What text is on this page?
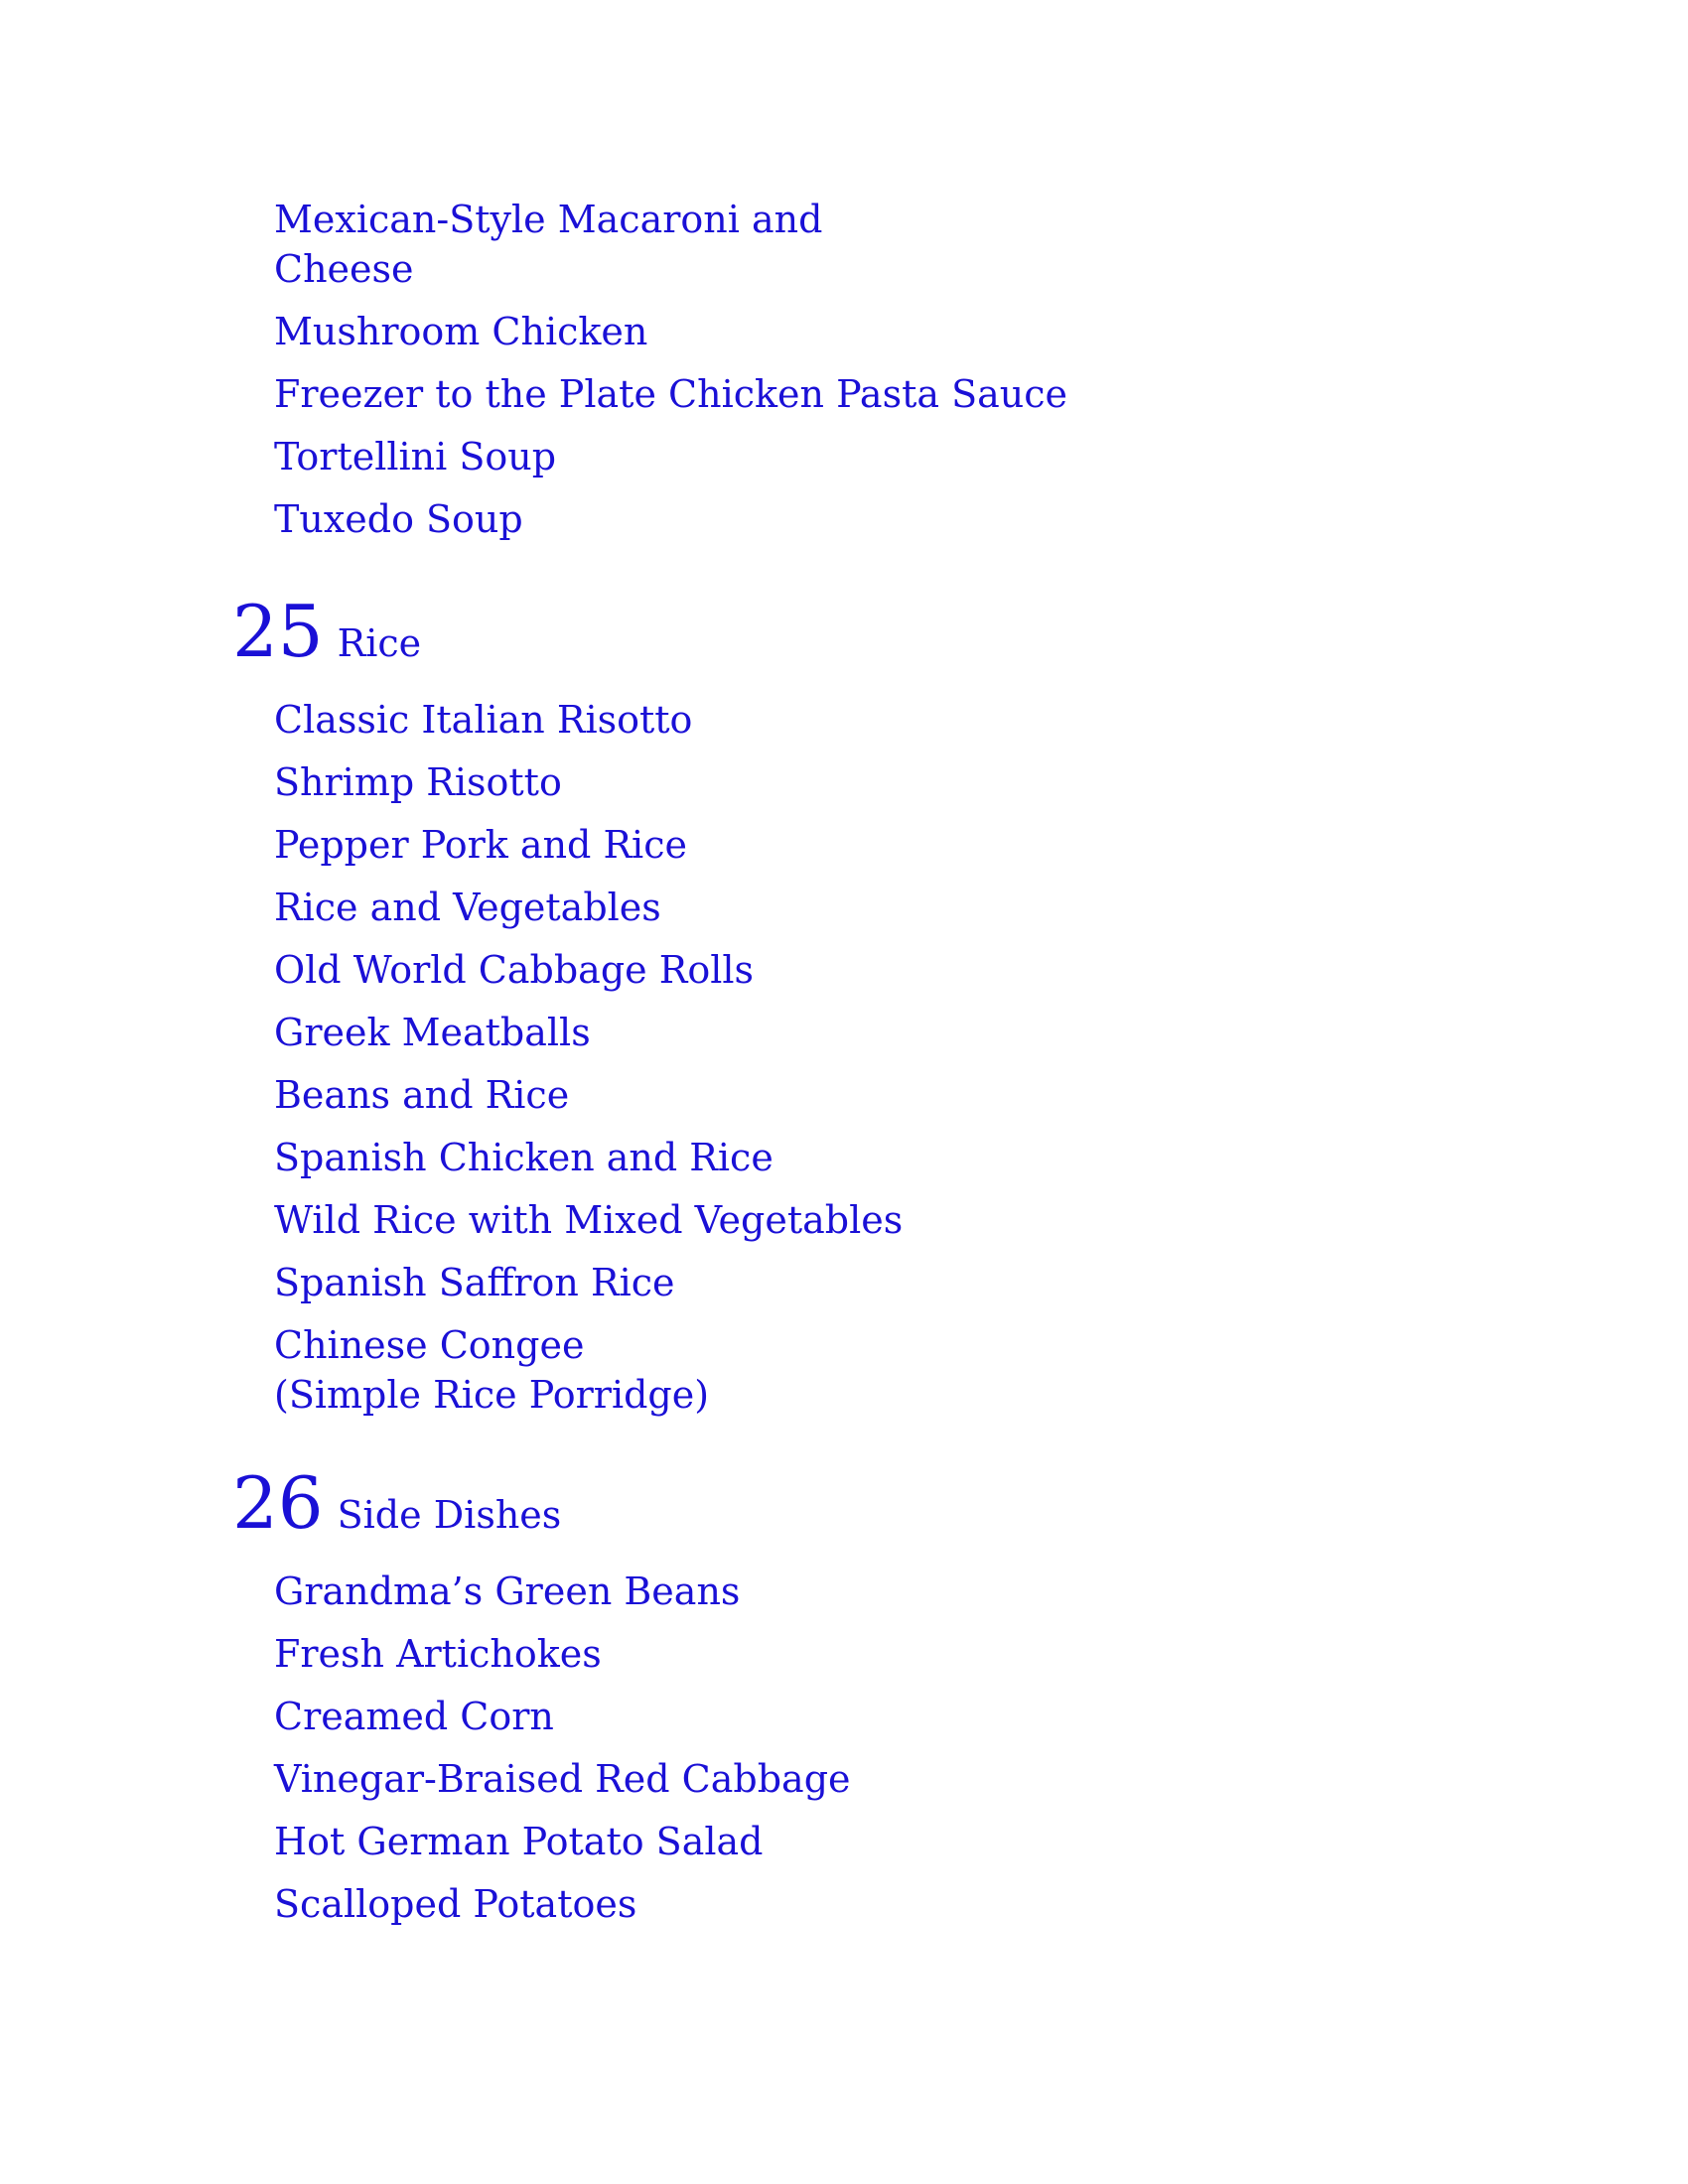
Mexican-Style Macaroni and
Cheese
Mushroom Chicken
Freezer to the Plate Chicken Pasta Sauce
Tortellini Soup
Tuxedo Soup
25 Rice
Classic Italian Risotto
Shrimp Risotto
Pepper Pork and Rice
Rice and Vegetables
Old World Cabbage Rolls
Greek Meatballs
Beans and Rice
Spanish Chicken and Rice
Wild Rice with Mixed Vegetables
Spanish Saffron Rice
Chinese Congee
(Simple Rice Porridge)
26 Side Dishes
Grandma’s Green Beans
Fresh Artichokes
Creamed Corn
Vinegar-Braised Red Cabbage
Hot German Potato Salad
Scalloped Potatoes
